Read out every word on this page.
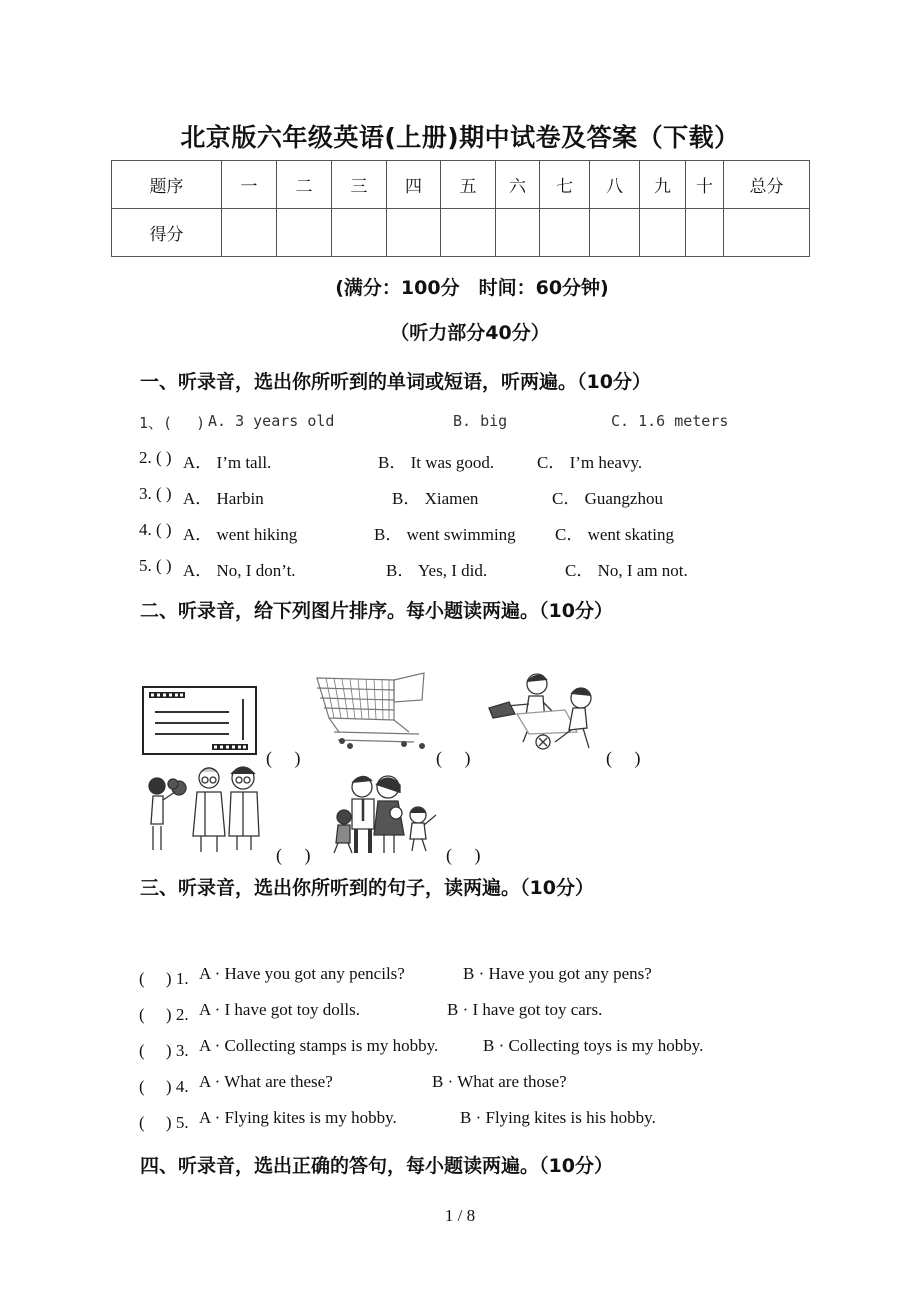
北京版六年级英语(上册)期中试卷及答案（下载）
题序	一	二	三	四	五	六	七	八	九	十	总分
得分											
(满分：100分　时间：60分钟)
（听力部分40分）
一、听录音，选出你所听到的单词或短语，听两遍。（10分）
1、(　 ) A. 3 years old	B. big	C. 1.6 meters
2. ( ) A． I’m tall.	B． It was good.	C． I’m heavy.
3. ( ) A． Harbin	B． Xiamen	C． Guangzhou
4. ( ) A． went hiking	B． went swimming C． went skating
5. ( ) A． No, I don’t.	B． Yes, I did.	C． No, I am not.
二、听录音，给下列图片排序。每小题读两遍。（10分）
(　 )	(　 )	(　 )
(　 )	(　 )
三、听录音，选出你所听到的句子，读两遍。（10分）
(　 ) 1. A · Have you got any pencils?	B · Have you got any pens?
(　 ) 2. A · I have got toy dolls.	B · I have got toy cars.
(　 ) 3. A · Collecting stamps is my hobby.	B · Collecting toys is my hobby.
(　 ) 4. A · What are these?	B · What are those?
(　 ) 5. A · Flying kites is my hobby.	B · Flying kites is his hobby.
四、听录音，选出正确的答句，每小题读两遍。（10分）
1 / 8
